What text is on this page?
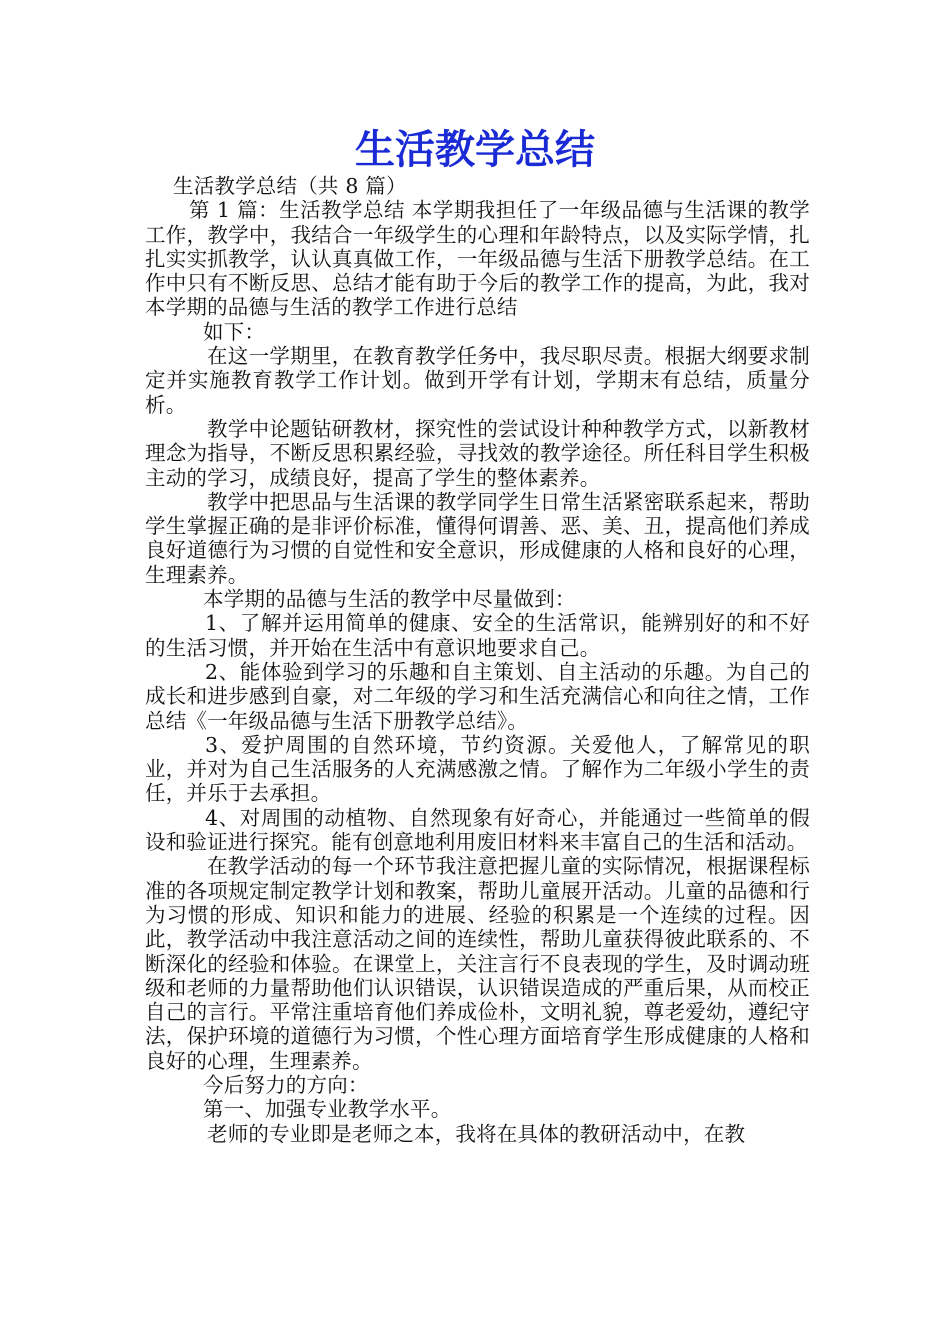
生活教学总结

生活教学总结（共 8 篇）

第 1 篇：生活教学总结 本学期我担任了一年级品德与生活课的教学工作，教学中，我结合一年级学生的心理和年龄特点，以及实际学情，扎扎实实抓教学，认认真真做工作，一年级品德与生活下册教学总结。在工作中只有不断反思、总结才能有助于今后的教学工作的提高，为此，我对本学期的品德与生活的教学工作进行总结

如下：

在这一学期里，在教育教学任务中，我尽职尽责。根据大纲要求制定并实施教育教学工作计划。做到开学有计划，学期末有总结，质量分析。

教学中论题钻研教材，探究性的尝试设计种种教学方式，以新教材理念为指导，不断反思积累经验，寻找效的教学途径。所任科目学生积极主动的学习，成绩良好，提高了学生的整体素养。

教学中把思品与生活课的教学同学生日常生活紧密联系起来，帮助学生掌握正确的是非评价标准，懂得何谓善、恶、美、丑，提高他们养成良好道德行为习惯的自觉性和安全意识，形成健康的人格和良好的心理，生理素养。

本学期的品德与生活的教学中尽量做到：

1、了解并运用简单的健康、安全的生活常识，能辨别好的和不好的生活习惯，并开始在生活中有意识地要求自己。

2、能体验到学习的乐趣和自主策划、自主活动的乐趣。为自己的成长和进步感到自豪，对二年级的学习和生活充满信心和向往之情，工作总结《一年级品德与生活下册教学总结》。

3、爱护周围的自然环境，节约资源。关爱他人，了解常见的职业，并对为自己生活服务的人充满感激之情。了解作为二年级小学生的责任，并乐于去承担。

4、对周围的动植物、自然现象有好奇心，并能通过一些简单的假设和验证进行探究。能有创意地利用废旧材料来丰富自己的生活和活动。

在教学活动的每一个环节我注意把握儿童的实际情况，根据课程标准的各项规定制定教学计划和教案，帮助儿童展开活动。儿童的品德和行为习惯的形成、知识和能力的进展、经验的积累是一个连续的过程。因此，教学活动中我注意活动之间的连续性，帮助儿童获得彼此联系的、不断深化的经验和体验。在课堂上，关注言行不良表现的学生，及时调动班级和老师的力量帮助他们认识错误，认识错误造成的严重后果，从而校正自己的言行。平常注重培育他们养成俭朴，文明礼貌，尊老爱幼，遵纪守法，保护环境的道德行为习惯，个性心理方面培育学生形成健康的人格和良好的心理，生理素养。

今后努力的方向：

第一、加强专业教学水平。

老师的专业即是老师之本，我将在具体的教研活动中，在教
